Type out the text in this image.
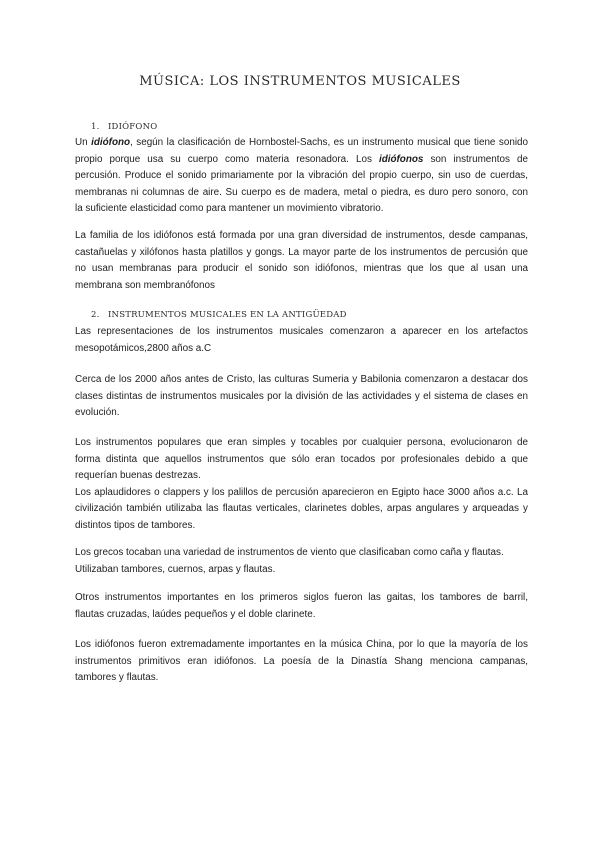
MÚSICA: LOS INSTRUMENTOS MUSICALES
1. IDIÓFONO
Un idiófono, según la clasificación de Hornbostel-Sachs, es un instrumento musical que tiene sonido
propio porque usa su cuerpo como materia resonadora. Los idiófonos son instrumentos de
percusión. Produce el sonido primariamente por la vibración del propio cuerpo, sin uso de cuerdas,
membranas ni columnas de aire. Su cuerpo es de madera, metal o piedra, es duro pero sonoro, con
la suficiente elasticidad como para mantener un movimiento vibratorio.
La familia de los idiófonos está formada por una gran diversidad de instrumentos, desde campanas,
castañuelas y xilófonos hasta platillos y gongs. La mayor parte de los instrumentos de percusión que
no usan membranas para producir el sonido son idiófonos, mientras que los que al usan una
membrana son membranófonos
2. INSTRUMENTOS MUSICALES EN LA ANTIGÜEDAD
Las representaciones de los instrumentos musicales comenzaron a aparecer en los artefactos
mesopotámicos,2800 años a.C
Cerca de los 2000 años antes de Cristo, las culturas Sumeria y Babilonia comenzaron a destacar dos
clases distintas de instrumentos musicales por la división de las actividades y el sistema de clases en
evolución.
Los instrumentos populares que eran simples y tocables por cualquier persona, evolucionaron de
forma distinta que aquellos instrumentos que sólo eran tocados por profesionales debido a que
requerían buenas destrezas.
Los aplaudidores o clappers y los palillos de percusión aparecieron en Egipto hace 3000 años a.c. La
civilización también utilizaba las flautas verticales, clarinetes dobles, arpas angulares y arqueadas y
distintos tipos de tambores.
Los grecos tocaban una variedad de instrumentos de viento que clasificaban como caña y flautas.
Utilizaban tambores, cuernos, arpas y flautas.
Otros instrumentos importantes en los primeros siglos fueron las gaitas, los tambores de barril,
flautas cruzadas, laúdes pequeños y el doble clarinete.
Los idiófonos fueron extremadamente importantes en la música China, por lo que la mayoría de los
instrumentos primitivos eran idiófonos. La poesía de la Dinastía Shang menciona campanas,
tambores y flautas.
